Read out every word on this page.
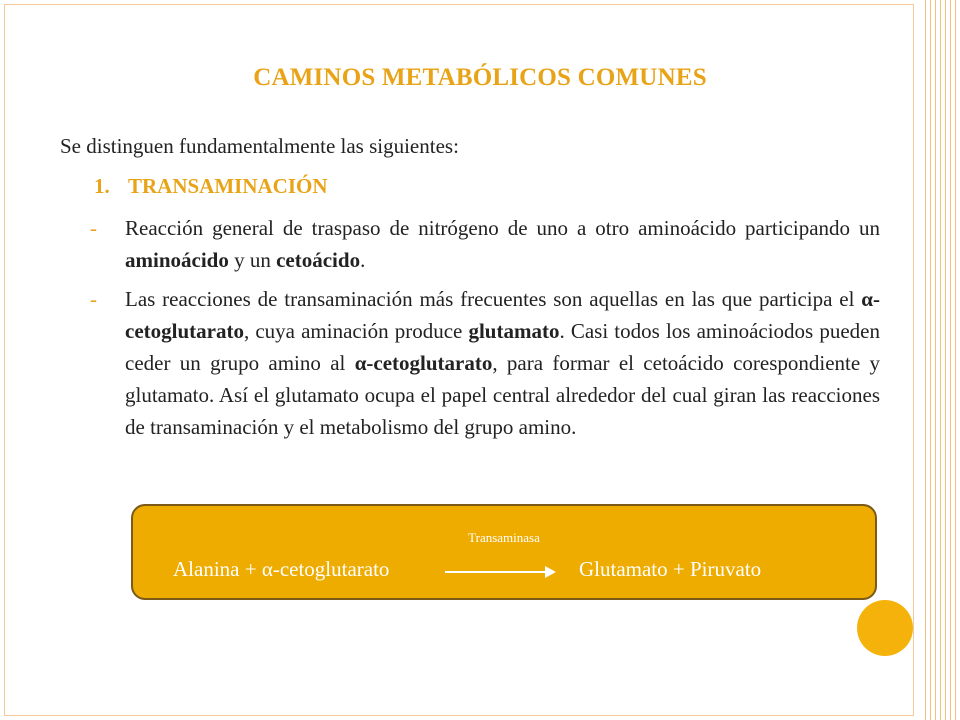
CAMINOS METABÓLICOS COMUNES
Se distinguen fundamentalmente las siguientes:
1. TRANSAMINACIÓN
- Reacción general de traspaso de nitrógeno de uno a otro aminoácido participando un aminoácido y un cetoácido.
- Las reacciones de transaminación más frecuentes son aquellas en las que participa el α-cetoglutarato, cuya aminación produce glutamato. Casi todos los aminoáciodos pueden ceder un grupo amino al α-cetoglutarato, para formar el cetoácido corespondiente y glutamato. Así el glutamato ocupa el papel central alrededor del cual giran las reacciones de transaminación y el metabolismo del grupo amino.
Transaminasa
Alanina + α-cetoglutarato	Glutamato + Piruvato
